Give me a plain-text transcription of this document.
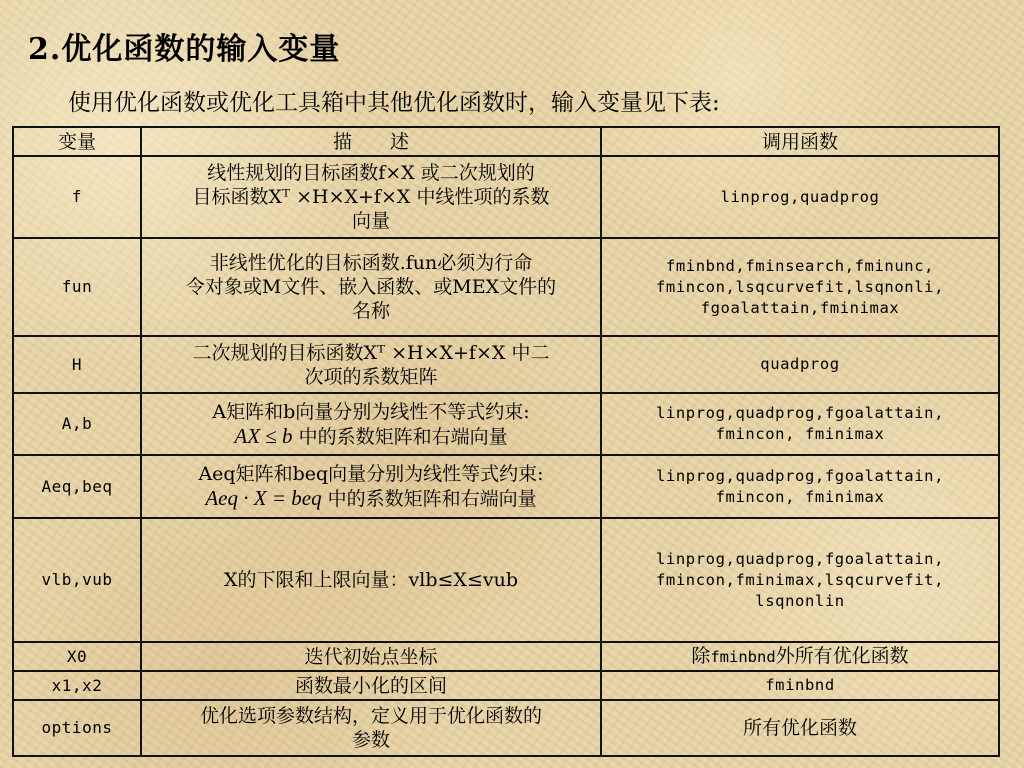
2.优化函数的输入变量
使用优化函数或优化工具箱中其他优化函数时，输入变量见下表:
变量	描　　述	调用函数
f	线性规划的目标函数f×X 或二次规划的
目标函数Xᵀ ×H×X+f×X 中线性项的系数
向量	linprog,quadprog

fun	非线性优化的目标函数.fun必须为行命
令对象或M文件、嵌入函数、或MEX文件的
名称	fminbnd,fminsearch,fminunc,
fmincon,lsqcurvefit,lsqnonli,
fgoalattain,fminimax

H	二次规划的目标函数Xᵀ ×H×X+f×X 中二
次项的系数矩阵	quadprog

A,b	A矩阵和b向量分别为线性不等式约束:
AX ≤ b 中的系数矩阵和右端向量	linprog,quadprog,fgoalattain,
fmincon, fminimax

Aeq,beq	Aeq矩阵和beq向量分别为线性等式约束:
Aeq · X = beq 中的系数矩阵和右端向量	linprog,quadprog,fgoalattain,
fmincon, fminimax

vlb,vub	X的下限和上限向量：vlb≤X≤vub	linprog,quadprog,fgoalattain,
fmincon,fminimax,lsqcurvefit,
lsqnonlin

X0	迭代初始点坐标	除fminbnd外所有优化函数
x1,x2	函数最小化的区间	fminbnd

options	优化选项参数结构，定义用于优化函数的
参数	所有优化函数
